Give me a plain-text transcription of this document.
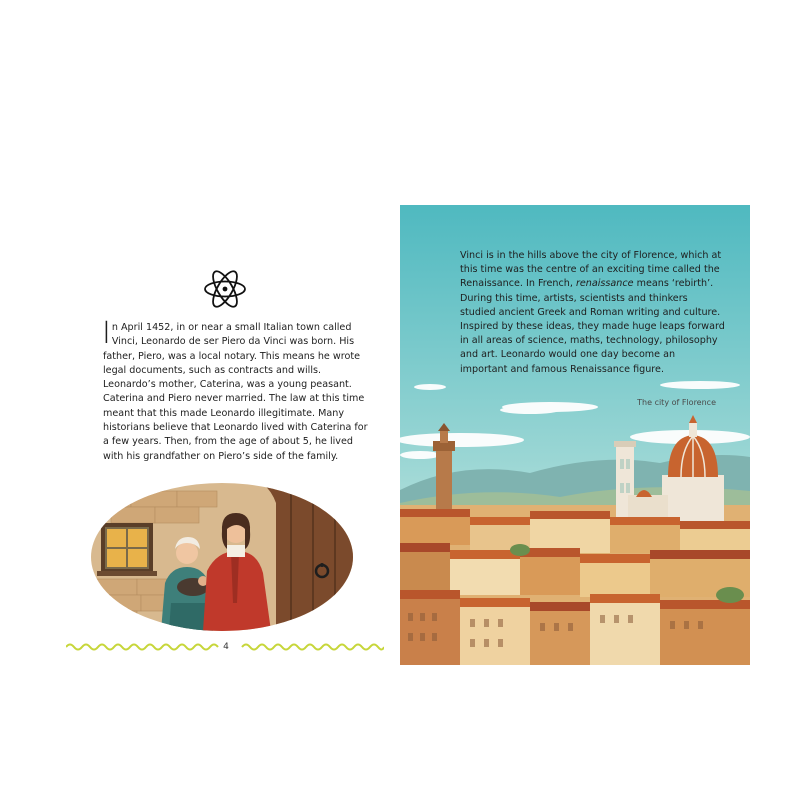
In April 1452, in or near a small Italian town called Vinci, Leonardo de ser Piero da Vinci was born. His father, Piero, was a local notary. This means he wrote legal documents, such as contracts and wills. Leonardo’s mother, Caterina, was a young peasant. Caterina and Piero never married. The law at this time meant that this made Leonardo illegitimate. Many historians believe that Leonardo lived with Caterina for a few years. Then, from the age of about 5, he lived with his grandfather on Piero’s side of the family.
4
Vinci is in the hills above the city of Florence, which at this time was the centre of an exciting time called the Renaissance. In French, renaissance means ‘rebirth’. During this time, artists, scientists and thinkers studied ancient Greek and Roman writing and culture. Inspired by these ideas, they made huge leaps forward in all areas of science, maths, technology, philosophy and art. Leonardo would one day become an important and famous Renaissance figure.
The city of Florence
